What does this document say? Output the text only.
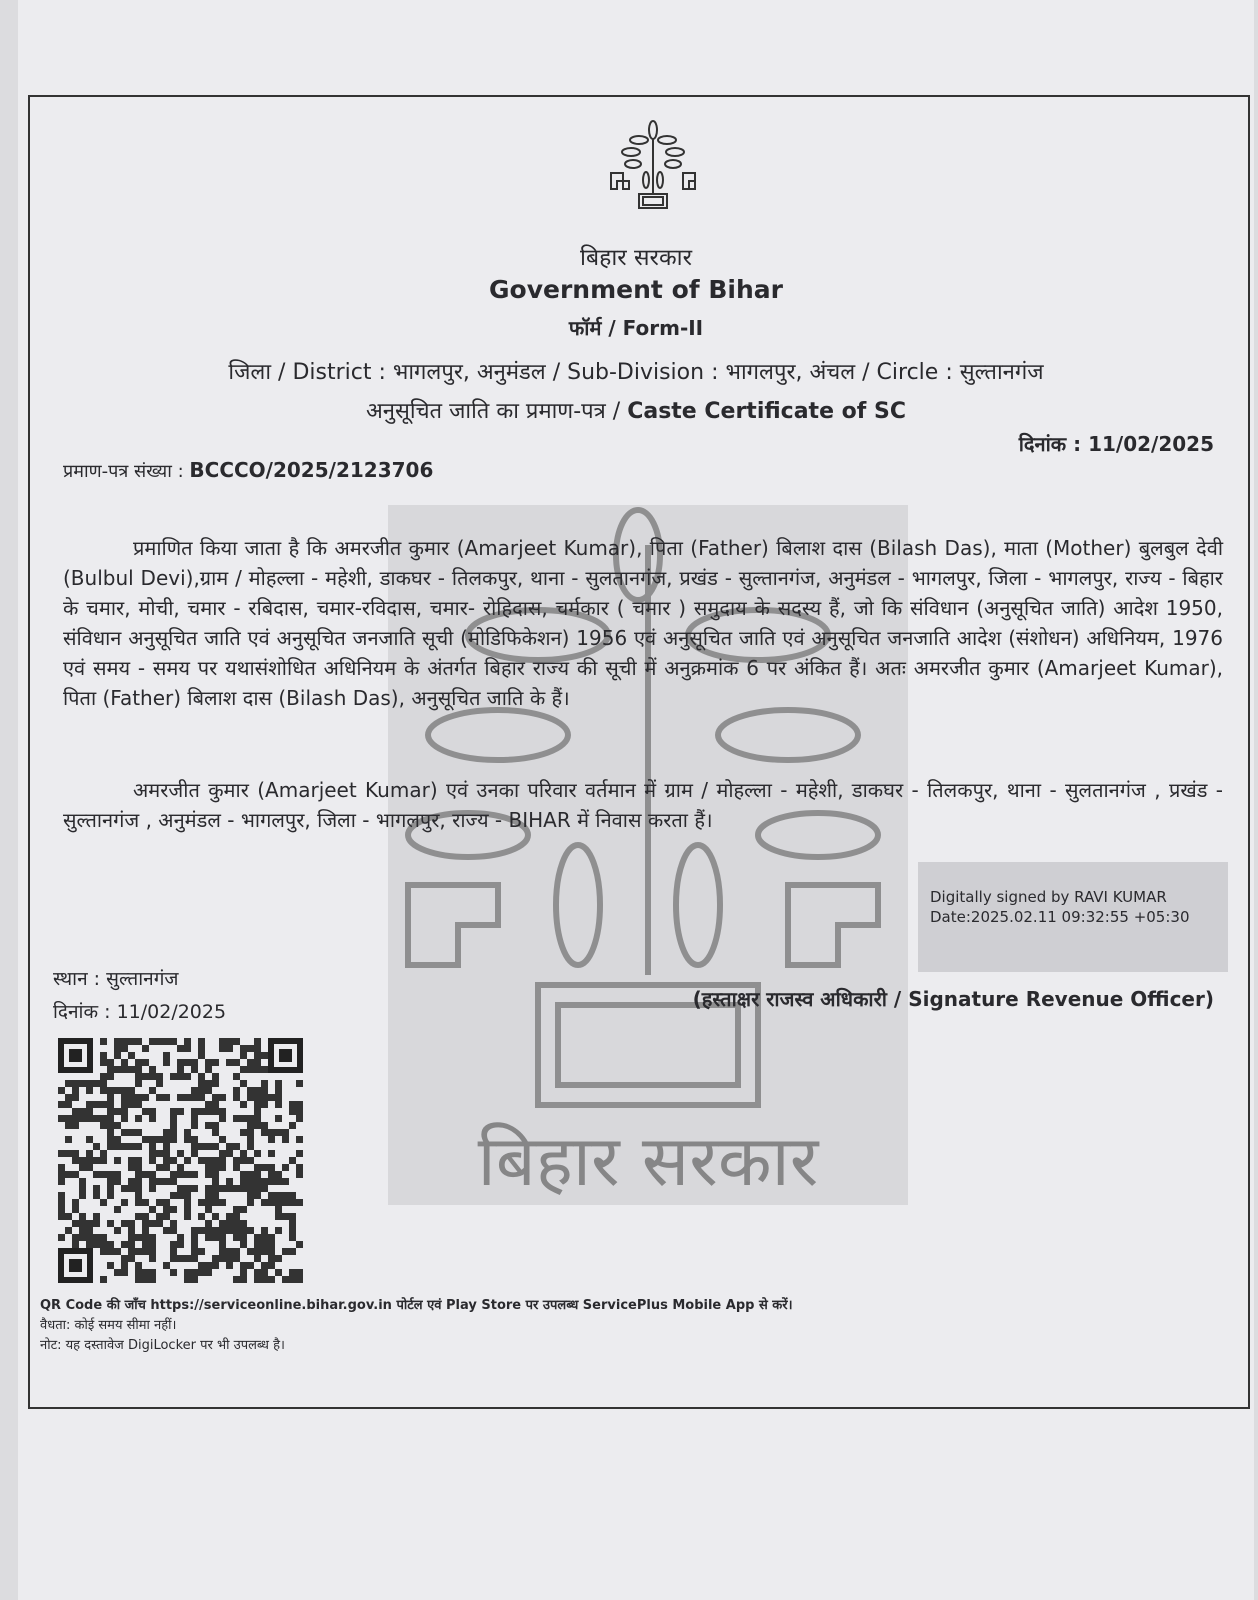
बिहार सरकार
Government of Bihar
फॉर्म / Form-II
जिला / District : भागलपुर, अनुमंडल / Sub-Division : भागलपुर, अंचल / Circle : सुल्तानगंज
अनुसूचित जाति का प्रमाण-पत्र / Caste Certificate of SC
प्रमाण-पत्र संख्या : BCCCO/2025/2123706
दिनांक : 11/02/2025
बिहार सरकार
प्रमाणित किया जाता है कि अमरजीत कुमार (Amarjeet Kumar), पिता (Father) बिलाश दास (Bilash Das), माता (Mother) बुलबुल देवी (Bulbul Devi),ग्राम / मोहल्ला - महेशी, डाकघर - तिलकपुर, थाना - सुलतानगंज, प्रखंड - सुल्तानगंज, अनुमंडल - भागलपुर, जिला - भागलपुर, राज्य - बिहार के चमार, मोची, चमार - रबिदास, चमार-रविदास, चमार- रोहिदास, चर्मकार ( चमार ) समुदाय के सदस्य हैं, जो कि संविधान (अनुसूचित जाति) आदेश 1950, संविधान अनुसूचित जाति एवं अनुसूचित जनजाति सूची (मोडिफिकेशन) 1956 एवं अनुसूचित जाति एवं अनुसूचित जनजाति आदेश (संशोधन) अधिनियम, 1976 एवं समय - समय पर यथासंशोधित अधिनियम के अंतर्गत बिहार राज्य की सूची में अनुक्रमांक 6 पर अंकित हैं। अतः अमरजीत कुमार (Amarjeet Kumar), पिता (Father) बिलाश दास (Bilash Das), अनुसूचित जाति के हैं।
अमरजीत कुमार (Amarjeet Kumar) एवं उनका परिवार वर्तमान में ग्राम / मोहल्ला - महेशी, डाकघर - तिलकपुर, थाना - सुलतानगंज , प्रखंड - सुल्तानगंज , अनुमंडल - भागलपुर, जिला - भागलपुर, राज्य - BIHAR में निवास करता हैं।
Digitally signed by RAVI KUMAR
Date:2025.02.11 09:32:55 +05:30
(हस्ताक्षर राजस्व अधिकारी / Signature Revenue Officer)
स्थान : सुल्तानगंज
दिनांक : 11/02/2025
QR Code की जाँच https://serviceonline.bihar.gov.in पोर्टल एवं Play Store पर उपलब्ध ServicePlus Mobile App से करें।
वैधता: कोई समय सीमा नहीं।
नोट: यह दस्तावेज DigiLocker पर भी उपलब्ध है।
